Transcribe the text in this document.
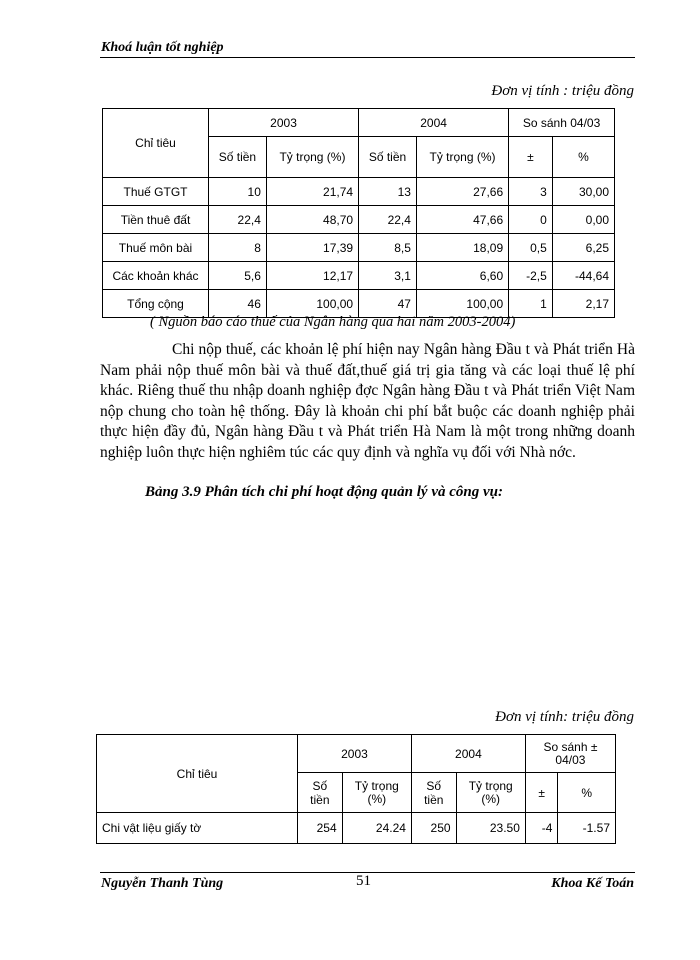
Khoá luận tốt nghiệp
Đơn vị tính : triệu đồng
Chỉ tiêu	2003		2004		So sánh 04/03	
	Số tiền	Tỷ trọng (%)	Số tiền	Tỷ trọng (%)	±	%
Thuế GTGT	10	21,74	13	27,66	3	30,00
Tiền thuê đất	22,4	48,70	22,4	47,66	0	0,00
Thuế môn bài	8	17,39	8,5	18,09	0,5	6,25
Các khoản khác	5,6	12,17	3,1	6,60	-2,5	-44,64
Tổng cộng	46	100,00	47	100,00	1	2,17
( Nguồn báo cáo thuế của Ngân hàng qua hai năm 2003-2004)
Chi nộp thuế, các khoản lệ phí hiện nay Ngân hàng Đầu t và Phát triển Hà Nam phải nộp thuế môn bài và thuế đất,thuế giá trị gia tăng và các loại thuế lệ phí khác. Riêng thuế thu nhập doanh nghiệp đợc Ngân hàng Đầu t và Phát triển Việt Nam nộp chung cho toàn hệ thống. Đây là khoản chi phí bắt buộc các doanh nghiệp phải thực hiện đầy đủ, Ngân hàng Đầu t và Phát triển Hà Nam là một trong những doanh nghiệp luôn thực hiện nghiêm túc các quy định và nghĩa vụ đối với Nhà nớc.
Bảng 3.9 Phân tích chi phí hoạt động quản lý và công vụ:
Đơn vị tính: triệu đồng
Chỉ tiêu	2003		2004		So sánh ± 04/03	
	Số tiền	Tỷ trọng (%)	Số tiền	Tỷ trọng (%)	±	%
Chi vật liệu giấy tờ	254	24.24	250	23.50	-4	-1.57
Nguyễn Thanh Tùng	51	Khoa Kế Toán
